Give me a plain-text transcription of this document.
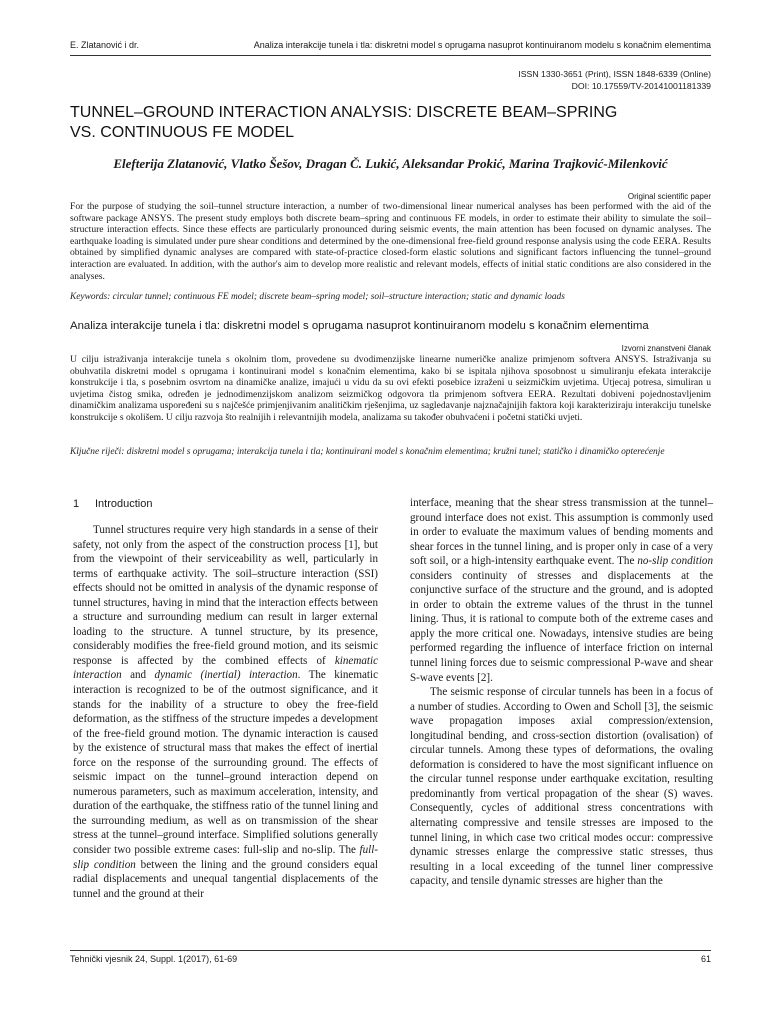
E. Zlatanović i dr.	Analiza interakcije tunela i tla: diskretni model s oprugama nasuprot kontinuiranom modelu s konačnim elementima
ISSN 1330-3651 (Print), ISSN 1848-6339 (Online)
DOI: 10.17559/TV-20141001181339
TUNNEL–GROUND INTERACTION ANALYSIS: DISCRETE BEAM–SPRING VS. CONTINUOUS FE MODEL
Elefterija Zlatanović, Vlatko Šešov, Dragan Č. Lukić, Aleksandar Prokić, Marina Trajković-Milenković
Original scientific paper
For the purpose of studying the soil–tunnel structure interaction, a number of two-dimensional linear numerical analyses has been performed with the aid of the software package ANSYS. The present study employs both discrete beam–spring and continuous FE models, in order to estimate their ability to simulate the soil–structure interaction effects. Since these effects are particularly pronounced during seismic events, the main attention has been focused on dynamic analyses. The earthquake loading is simulated under pure shear conditions and determined by the one-dimensional free-field ground response analysis using the code EERA. Results obtained by simplified dynamic analyses are compared with state-of-practice closed-form elastic solutions and significant factors influencing the tunnel–ground interaction are evaluated. In addition, with the author's aim to develop more realistic and relevant models, effects of initial static conditions are also considered in the analyses.
Keywords: circular tunnel; continuous FE model; discrete beam–spring model; soil–structure interaction; static and dynamic loads
Analiza interakcije tunela i tla: diskretni model s oprugama nasuprot kontinuiranom modelu s konačnim elementima
Izvorni znanstveni članak
U cilju istraživanja interakcije tunela s okolnim tlom, provedene su dvodimenzijske linearne numeričke analize primjenom softvera ANSYS. Istraživanja su obuhvatila diskretni model s oprugama i kontinuirani model s konačnim elementima, kako bi se ispitala njihova sposobnost u simuliranju efekata interakcije konstrukcije i tla, s posebnim osvrtom na dinamičke analize, imajući u vidu da su ovi efekti posebice izraženi u seizmičkim uvjetima. Utjecaj potresa, simuliran u uvjetima čistog smika, određen je jednodimenzijskom analizom seizmičkog odgovora tla primjenom softvera EERA. Rezultati dobiveni pojednostavljenim dinamičkim analizama uspoređeni su s najčešće primjenjivanim analitičkim rješenjima, uz sagledavanje najznačajnijih faktora koji karakteriziraju interakciju tunelske konstrukcije s okolišem. U cilju razvoja što realnijih i relevantnijih modela, analizama su također obuhvaćeni i početni statički uvjeti.
Ključne riječi: diskretni model s oprugama; interakcija tunela i tla; kontinuirani model s konačnim elementima; kružni tunel; statičko i dinamičko opterećenje
1 Introduction

Tunnel structures require very high standards in a sense of their safety, not only from the aspect of the construction process [1], but from the viewpoint of their serviceability as well, particularly in terms of earthquake activity. The soil–structure interaction (SSI) effects should not be omitted in analysis of the dynamic response of tunnel structures, having in mind that the interaction effects between a structure and surrounding medium can result in larger external loading to the structure. A tunnel structure, by its presence, considerably modifies the free-field ground motion, and its seismic response is affected by the combined effects of kinematic interaction and dynamic (inertial) interaction. The kinematic interaction is recognized to be of the outmost significance, and it stands for the inability of a structure to obey the free-field deformation, as the stiffness of the structure impedes a development of the free-field ground motion. The dynamic interaction is caused by the existence of structural mass that makes the effect of inertial force on the response of the surrounding ground. The effects of seismic impact on the tunnel–ground interaction depend on numerous parameters, such as maximum acceleration, intensity, and duration of the earthquake, the stiffness ratio of the tunnel lining and the surrounding medium, as well as on transmission of the shear stress at the tunnel–ground interface. Simplified solutions generally consider two possible extreme cases: full-slip and no-slip. The full-slip condition between the lining and the ground considers equal radial displacements and unequal tangential displacements of the tunnel and the ground at their

interface, meaning that the shear stress transmission at the tunnel–ground interface does not exist. This assumption is commonly used in order to evaluate the maximum values of bending moments and shear forces in the tunnel lining, and is proper only in case of a very soft soil, or a high-intensity earthquake event. The no-slip condition considers continuity of stresses and displacements at the conjunctive surface of the structure and the ground, and is adopted in order to obtain the extreme values of the thrust in the tunnel lining. Thus, it is rational to compute both of the extreme cases and apply the more critical one. Nowadays, intensive studies are being performed regarding the influence of interface friction on internal tunnel lining forces due to seismic compressional P-wave and shear S-wave events [2].

The seismic response of circular tunnels has been in a focus of a number of studies. According to Owen and Scholl [3], the seismic wave propagation imposes axial compression/extension, longitudinal bending, and cross-section distortion (ovalisation) of circular tunnels. Among these types of deformations, the ovaling deformation is considered to have the most significant influence on the circular tunnel response under earthquake excitation, resulting predominantly from vertical propagation of the shear (S) waves. Consequently, cycles of additional stress concentrations with alternating compressive and tensile stresses are imposed to the tunnel lining, in which case two critical modes occur: compressive dynamic stresses enlarge the compressive static stresses, thus resulting in a local exceeding of the tunnel liner compressive capacity, and tensile dynamic stresses are higher than the

Tehnički vjesnik 24, Suppl. 1(2017), 61-69	61
